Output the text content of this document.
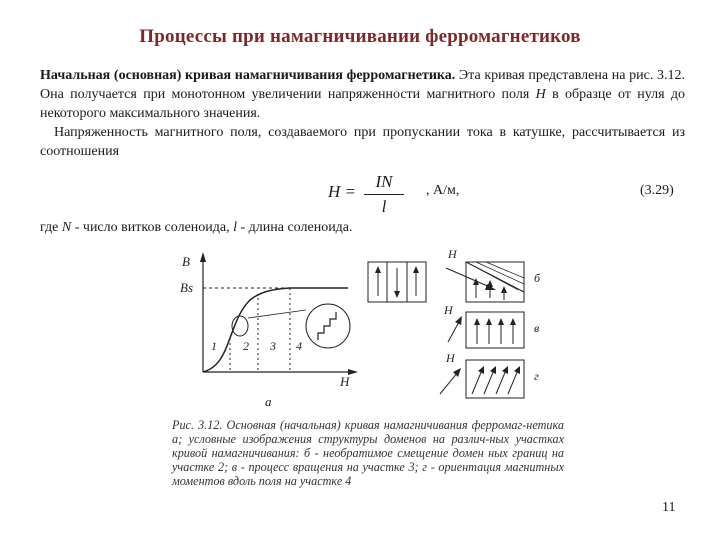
Процессы при намагничивании ферромагнетиков
Начальная (основная) кривая намагничивания ферромагнетика. Эта кривая представлена на рис. 3.12. Она получается при монотонном увеличении напряженности магнитного поля H в образце от нуля до некоторого максимального значения.
Напряженность магнитного поля, создаваемого при пропускании тока в катушке, рассчитывается из соотношения
H =
IN
l
, А/м,	(3.29)
где N - число витков соленоида, l - длина соленоида.
B
Bs
H
1 2 3 4
а
H
б
H
в
H
г
Рис. 3.12. Основная (начальная) кривая намагничивания ферромаг-нетика а; условные изображения структуры доменов на различ-ных участках кривой намагничивания: б - необратимое смещение домен ных границ на участке 2; в - процесс вращения на участке 3; г - ориентация магнитных моментов вдоль поля на участке 4
11
